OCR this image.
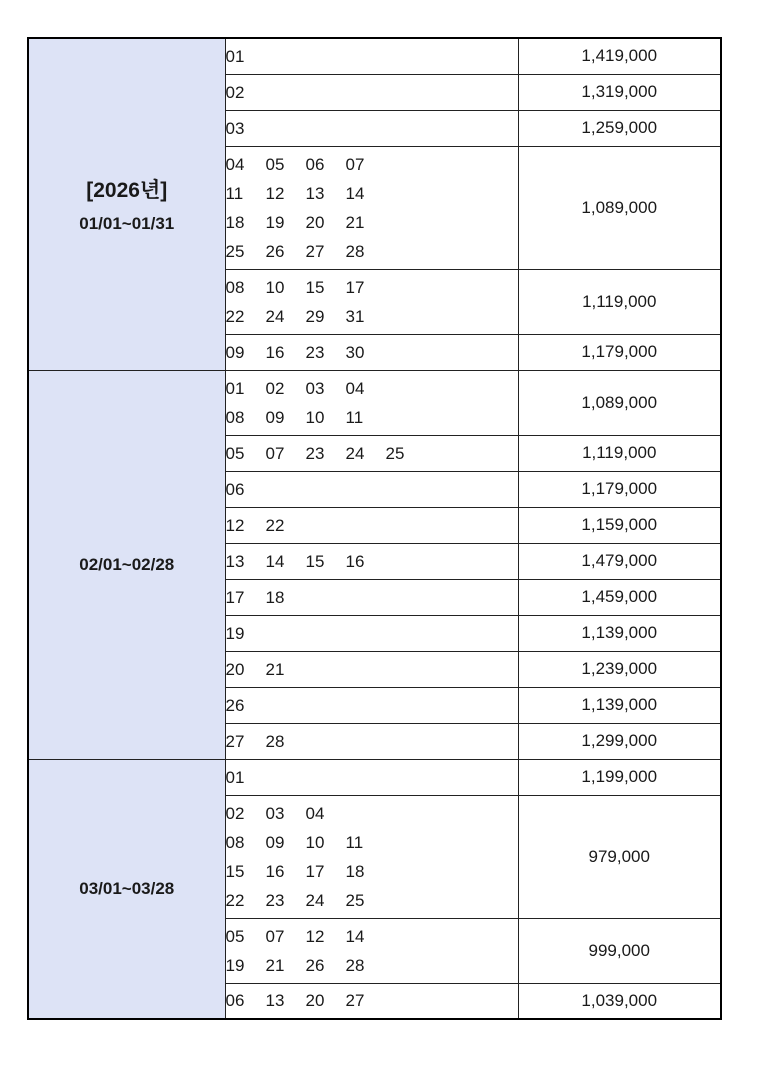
[2026년]
01/01~01/31	01	1,419,000

	02	1,319,000

	03	1,259,000

	04 05 06 07
11 12 13 14
18 19 20 21
25 26 27 28	1,089,000

	08 10 15 17
22 24 29 31	1,119,000

	09 16 23 30	1,179,000
02/01~02/28	01 02 03 04
08 09 10 11	1,089,000

	05 07 23 24 25	1,119,000

	06	1,179,000

	12 22	1,159,000

	13 14 15 16	1,479,000

	17 18	1,459,000

	19	1,139,000

	20 21	1,239,000

	26	1,139,000

	27 28	1,299,000
03/01~03/28	01	1,199,000

	02 03 04
08 09 10 11
15 16 17 18
22 23 24 25	979,000

	05 07 12 14
19 21 26 28	999,000

	06 13 20 27	1,039,000
